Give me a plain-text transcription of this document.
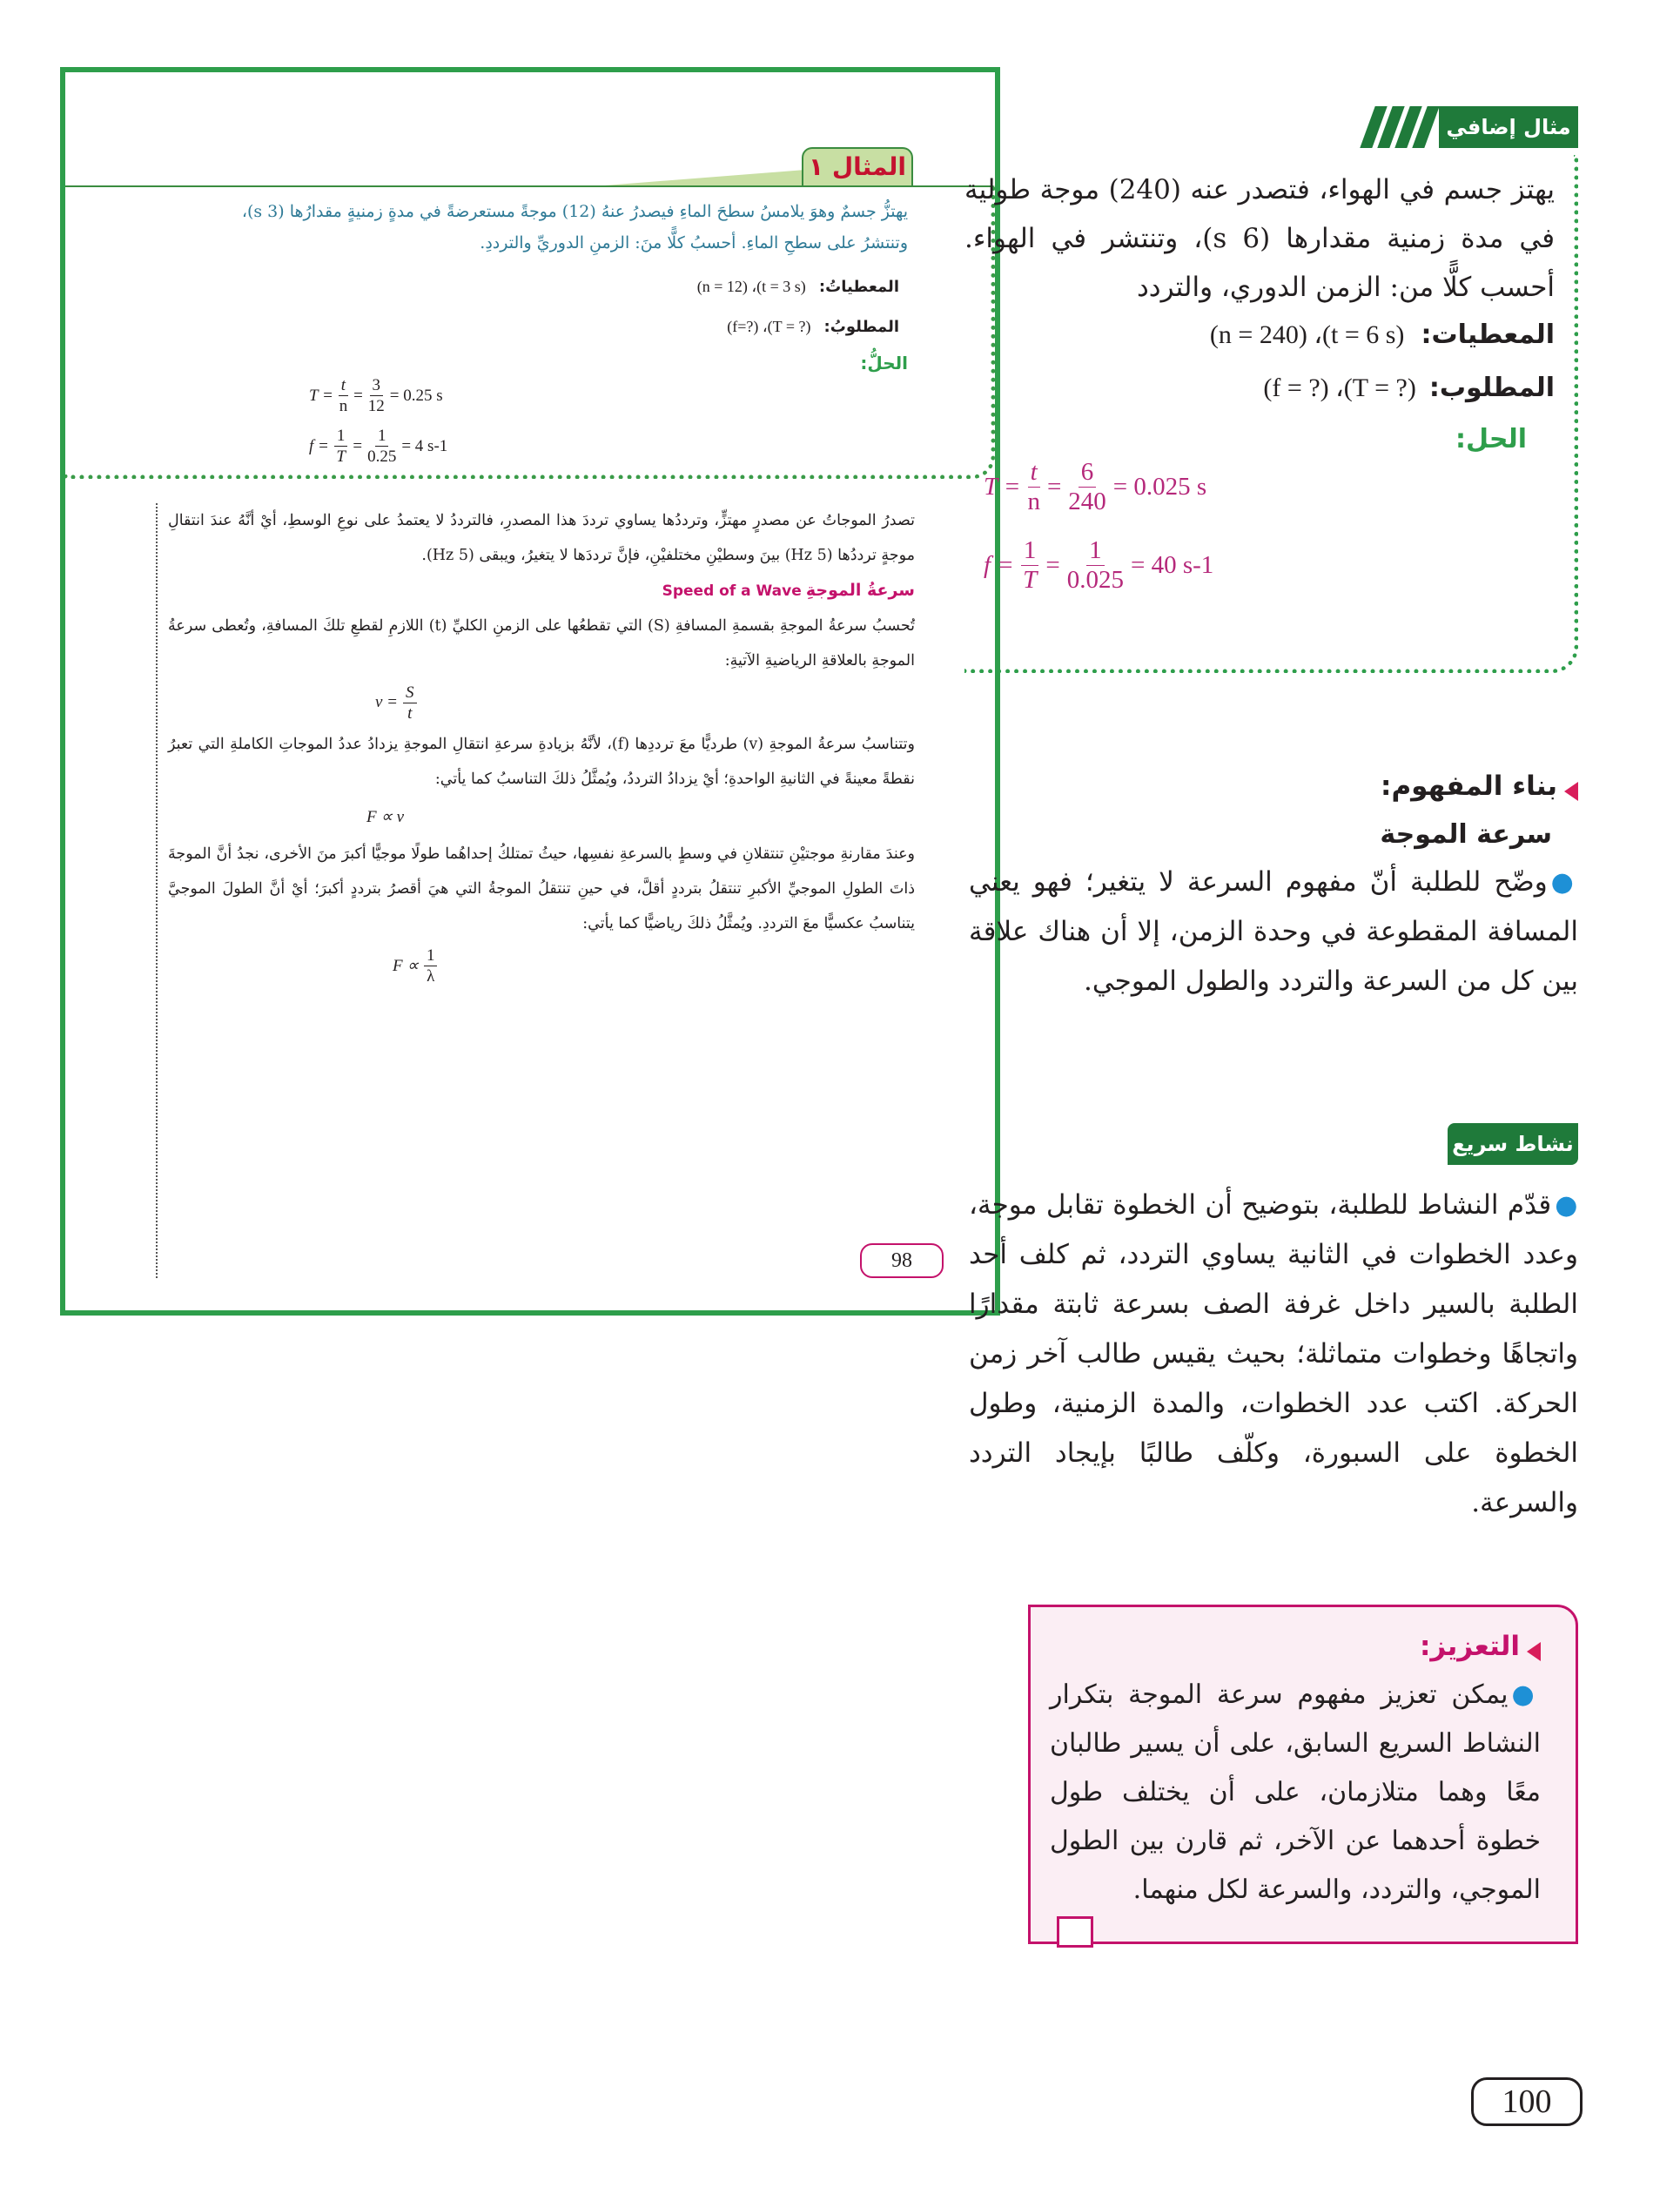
المثال ١
يهتزُّ جسمٌ وهوَ يلامسُ سطحَ الماءِ فيصدرُ عنهُ (12) موجةً مستعرضةً في مدةٍ زمنيةٍ مقدارُها (3 s)،
وتنتشرُ على سطحِ الماءِ. أحسبُ كلًّا منَ: الزمنِ الدوريِّ والترددِ.
المعطياتُ: (n = 12) ،(t = 3 s)
المطلوبُ: (f=?) ،(T = ?)
الحلُّ:
$T = \frac{t}{n} = \frac{3}{12} = 0.25$ s
$f = \frac{1}{T} = \frac{1}{0.25} = 4$ s-1

تصدرُ الموجاتُ عن مصدرٍ مهتزٍّ، وترددُها يساوي ترددَ هذا المصدرِ، فالترددُ لا يعتمدُ على نوعِ الوسطِ، أيْ أنَّهُ عندَ انتقالِ موجةٍ ترددُها (5 Hz) بينَ وسطيْنِ مختلفيْنِ، فإنَّ ترددَها لا يتغيرُ، ويبقى (5 Hz).

سرعةُ الموجةِ Speed of a Wave

تُحسبُ سرعةُ الموجةِ بقسمةِ المسافةِ (S) التي تقطعُها على الزمنِ الكليِّ (t) اللازمِ لقطعِ تلكَ المسافةِ، وتُعطى سرعةُ الموجةِ بالعلاقةِ الرياضيةِ الآتيةِ:

$v = \frac{S}{t}$

وتتناسبُ سرعةُ الموجةِ (v) طرديًّا معَ ترددِها (f)، لأنَّهُ بزيادةِ سرعةِ انتقالِ الموجةِ يزدادُ عددُ الموجاتِ الكاملةِ التي تعبرُ نقطةً معينةً في الثانيةِ الواحدةِ؛ أيْ يزدادُ الترددُ، ويُمثَّلُ ذلكَ التناسبُ كما يأتي:

F ∝ v

وعندَ مقارنةِ موجتيْنِ تنتقلانِ في وسطٍ بالسرعةِ نفسِها، حيثُ تمتلكُ إحداهُما طولًا موجيًّا أكبرَ منَ الأخرى، نجدُ أنَّ الموجةَ ذاتَ الطولِ الموجيِّ الأكبرِ تنتقلُ بترددٍ أقلَّ، في حينِ تنتقلُ الموجةُ التي هيَ أقصرُ بترددٍ أكبرَ؛ أيْ أنَّ الطولَ الموجيَّ يتناسبُ عكسيًّا معَ الترددِ. ويُمثَّلُ ذلكَ رياضيًّا كما يأتي:

$F \propto \frac{1}{\lambda}$
98
مثال إضافي

يهتز جسم في الهواء، فتصدر عنه (240) موجة طولية في مدة زمنية مقدارها (6 s)، وتنتشر في الهواء. أحسب كلًّا من: الزمن الدوري، والتردد

المعطيات: (n = 240) ،(t = 6 s)
المطلوب: (f = ?) ،(T = ?)
الحل:
$T = \frac{t}{n} = \frac{6}{240} = 0.025$ s
$f = \frac{1}{T} = \frac{1}{0.025} = 40$ s-1
بناء المفهوم:
سرعة الموجة

●وضّح للطلبة أنّ مفهوم السرعة لا يتغير؛ فهو يعني المسافة المقطوعة في وحدة الزمن، إلا أن هناك علاقة بين كل من السرعة والتردد والطول الموجي.

نشاط سريع

●قدّم النشاط للطلبة، بتوضيح أن الخطوة تقابل موجة، وعدد الخطوات في الثانية يساوي التردد، ثم كلف أحد الطلبة بالسير داخل غرفة الصف بسرعة ثابتة مقدارًا واتجاهًا وخطوات متماثلة؛ بحيث يقيس طالب آخر زمن الحركة. اكتب عدد الخطوات، والمدة الزمنية، وطول الخطوة على السبورة، وكلّف طالبًا بإيجاد التردد والسرعة.

التعزيز:

●يمكن تعزيز مفهوم سرعة الموجة بتكرار النشاط السريع السابق، على أن يسير طالبان معًا وهما متلازمان، على أن يختلف طول خطوة أحدهما عن الآخر، ثم قارن بين الطول الموجي، والتردد، والسرعة لكل منهما.

100
